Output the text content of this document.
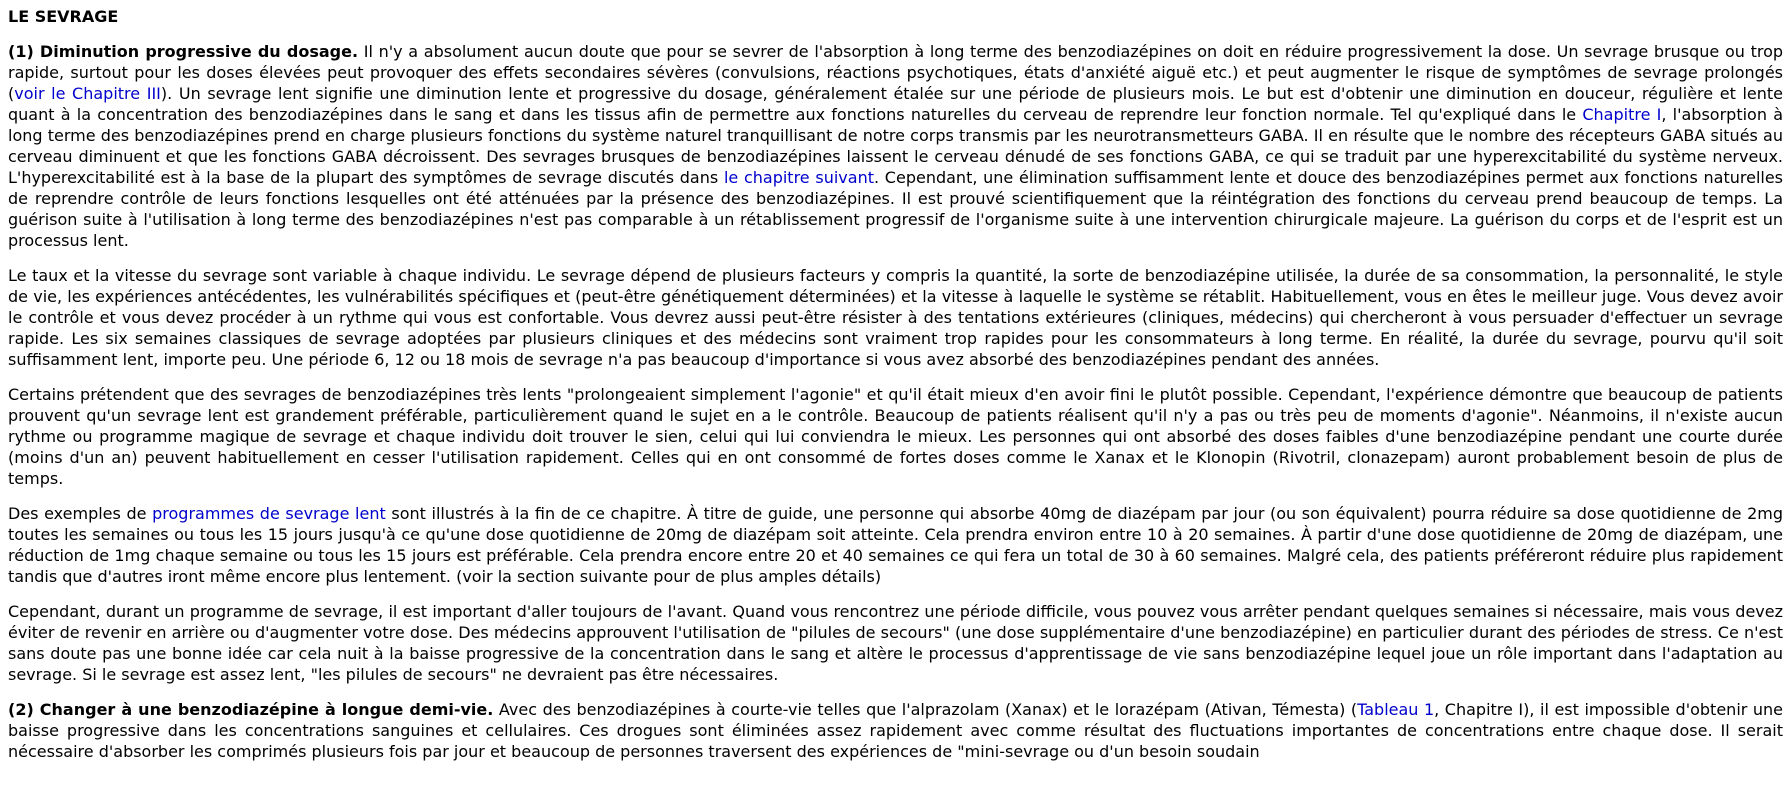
LE SEVRAGE

(1) Diminution progressive du dosage. Il n'y a absolument aucun doute que pour se sevrer de l'absorption à long terme des benzodiazépines on doit en réduire progressivement la dose. Un sevrage brusque ou trop rapide, surtout pour les doses élevées peut provoquer des effets secondaires sévères (convulsions, réactions psychotiques, états d'anxiété aiguë etc.) et peut augmenter le risque de symptômes de sevrage prolongés (voir le Chapitre III). Un sevrage lent signifie une diminution lente et progressive du dosage, généralement étalée sur une période de plusieurs mois. Le but est d'obtenir une diminution en douceur, régulière et lente quant à la concentration des benzodiazépines dans le sang et dans les tissus afin de permettre aux fonctions naturelles du cerveau de reprendre leur fonction normale. Tel qu'expliqué dans le Chapitre I, l'absorption à long terme des benzodiazépines prend en charge plusieurs fonctions du système naturel tranquillisant de notre corps transmis par les neurotransmetteurs GABA. Il en résulte que le nombre des récepteurs GABA situés au cerveau diminuent et que les fonctions GABA décroissent. Des sevrages brusques de benzodiazépines laissent le cerveau dénudé de ses fonctions GABA, ce qui se traduit par une hyperexcitabilité du système nerveux. L'hyperexcitabilité est à la base de la plupart des symptômes de sevrage discutés dans le chapitre suivant. Cependant, une élimination suffisamment lente et douce des benzodiazépines permet aux fonctions naturelles de reprendre contrôle de leurs fonctions lesquelles ont été atténuées par la présence des benzodiazépines. Il est prouvé scientifiquement que la réintégration des fonctions du cerveau prend beaucoup de temps. La guérison suite à l'utilisation à long terme des benzodiazépines n'est pas comparable à un rétablissement progressif de l'organisme suite à une intervention chirurgicale majeure. La guérison du corps et de l'esprit est un processus lent.

Le taux et la vitesse du sevrage sont variable à chaque individu. Le sevrage dépend de plusieurs facteurs y compris la quantité, la sorte de benzodiazépine utilisée, la durée de sa consommation, la personnalité, le style de vie, les expériences antécédentes, les vulnérabilités spécifiques et (peut-être génétiquement déterminées) et la vitesse à laquelle le système se rétablit. Habituellement, vous en êtes le meilleur juge. Vous devez avoir le contrôle et vous devez procéder à un rythme qui vous est confortable. Vous devrez aussi peut-être résister à des tentations extérieures (cliniques, médecins) qui chercheront à vous persuader d'effectuer un sevrage rapide. Les six semaines classiques de sevrage adoptées par plusieurs cliniques et des médecins sont vraiment trop rapides pour les consommateurs à long terme. En réalité, la durée du sevrage, pourvu qu'il soit suffisamment lent, importe peu. Une période 6, 12 ou 18 mois de sevrage n'a pas beaucoup d'importance si vous avez absorbé des benzodiazépines pendant des années.

Certains prétendent que des sevrages de benzodiazépines très lents "prolongeaient simplement l'agonie" et qu'il était mieux d'en avoir fini le plutôt possible. Cependant, l'expérience démontre que beaucoup de patients prouvent qu'un sevrage lent est grandement préférable, particulièrement quand le sujet en a le contrôle. Beaucoup de patients réalisent qu'il n'y a pas ou très peu de moments d'agonie". Néanmoins, il n'existe aucun rythme ou programme magique de sevrage et chaque individu doit trouver le sien, celui qui lui conviendra le mieux. Les personnes qui ont absorbé des doses faibles d'une benzodiazépine pendant une courte durée (moins d'un an) peuvent habituellement en cesser l'utilisation rapidement. Celles qui en ont consommé de fortes doses comme le Xanax et le Klonopin (Rivotril, clonazepam) auront probablement besoin de plus de temps.

Des exemples de programmes de sevrage lent sont illustrés à la fin de ce chapitre. À titre de guide, une personne qui absorbe 40mg de diazépam par jour (ou son équivalent) pourra réduire sa dose quotidienne de 2mg toutes les semaines ou tous les 15 jours jusqu'à ce qu'une dose quotidienne de 20mg de diazépam soit atteinte. Cela prendra environ entre 10 à 20 semaines. À partir d'une dose quotidienne de 20mg de diazépam, une réduction de 1mg chaque semaine ou tous les 15 jours est préférable. Cela prendra encore entre 20 et 40 semaines ce qui fera un total de 30 à 60 semaines. Malgré cela, des patients préféreront réduire plus rapidement tandis que d'autres iront même encore plus lentement. (voir la section suivante pour de plus amples détails)

Cependant, durant un programme de sevrage, il est important d'aller toujours de l'avant. Quand vous rencontrez une période difficile, vous pouvez vous arrêter pendant quelques semaines si nécessaire, mais vous devez éviter de revenir en arrière ou d'augmenter votre dose. Des médecins approuvent l'utilisation de "pilules de secours" (une dose supplémentaire d'une benzodiazépine) en particulier durant des périodes de stress. Ce n'est sans doute pas une bonne idée car cela nuit à la baisse progressive de la concentration dans le sang et altère le processus d'apprentissage de vie sans benzodiazépine lequel joue un rôle important dans l'adaptation au sevrage. Si le sevrage est assez lent, "les pilules de secours" ne devraient pas être nécessaires.

(2) Changer à une benzodiazépine à longue demi-vie. Avec des benzodiazépines à courte-vie telles que l'alprazolam (Xanax) et le lorazépam (Ativan, Témesta) (Tableau 1, Chapitre I), il est impossible d'obtenir une baisse progressive dans les concentrations sanguines et cellulaires. Ces drogues sont éliminées assez rapidement avec comme résultat des fluctuations importantes de concentrations entre chaque dose. Il serait nécessaire d'absorber les comprimés plusieurs fois par jour et beaucoup de personnes traversent des expériences de "mini-sevrage ou d'un besoin soudain
